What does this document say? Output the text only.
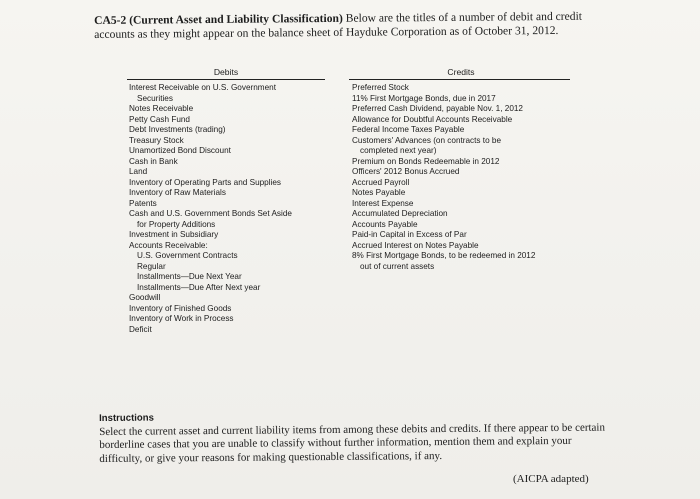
CA5-2 (Current Asset and Liability Classification) Below are the titles of a number of debit and credit accounts as they might appear on the balance sheet of Hayduke Corporation as of October 31, 2012.
Debits
Interest Receivable on U.S. Government
Securities
Notes Receivable
Petty Cash Fund
Debt Investments (trading)
Treasury Stock
Unamortized Bond Discount
Cash in Bank
Land
Inventory of Operating Parts and Supplies
Inventory of Raw Materials
Patents
Cash and U.S. Government Bonds Set Aside
for Property Additions
Investment in Subsidiary
Accounts Receivable:
U.S. Government Contracts
Regular
Installments—Due Next Year
Installments—Due After Next year
Goodwill
Inventory of Finished Goods
Inventory of Work in Process
Deficit
Credits
Preferred Stock
11% First Mortgage Bonds, due in 2017
Preferred Cash Dividend, payable Nov. 1, 2012
Allowance for Doubtful Accounts Receivable
Federal Income Taxes Payable
Customers' Advances (on contracts to be
completed next year)
Premium on Bonds Redeemable in 2012
Officers' 2012 Bonus Accrued
Accrued Payroll
Notes Payable
Interest Expense
Accumulated Depreciation
Accounts Payable
Paid-in Capital in Excess of Par
Accrued Interest on Notes Payable
8% First Mortgage Bonds, to be redeemed in 2012
out of current assets
Instructions
Select the current asset and current liability items from among these debits and credits. If there appear to be certain borderline cases that you are unable to classify without further information, mention them and explain your difficulty, or give your reasons for making questionable classifications, if any.
(AICPA adapted)
